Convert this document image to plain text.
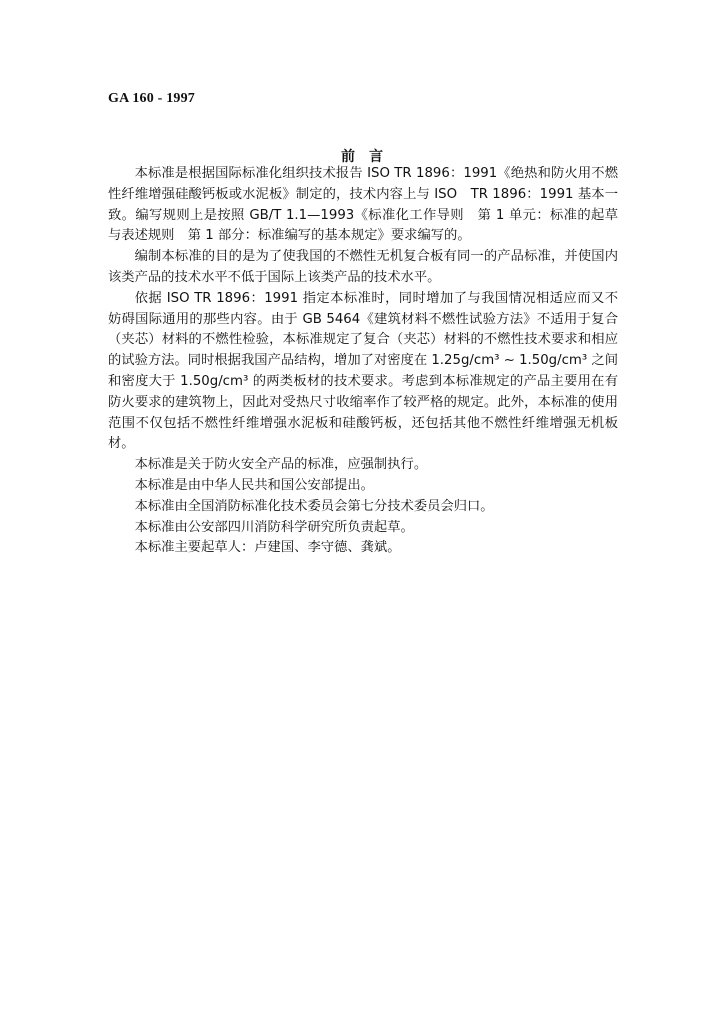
GA 160 - 1997
前　言

本标准是根据国际标准化组织技术报告 ISO TR 1896：1991《绝热和防火用不燃性纤维增强硅酸钙板或水泥板》制定的，技术内容上与 ISO　TR 1896：1991 基本一致。编写规则上是按照 GB/T 1.1—1993《标准化工作导则　第 1 单元：标准的起草与表述规则　第 1 部分：标准编写的基本规定》要求编写的。

编制本标准的目的是为了使我国的不燃性无机复合板有同一的产品标准，并使国内该类产品的技术水平不低于国际上该类产品的技术水平。

依据 ISO TR 1896：1991 指定本标准时，同时增加了与我国情况相适应而又不妨碍国际通用的那些内容。由于 GB 5464《建筑材料不燃性试验方法》不适用于复合（夹芯）材料的不燃性检验，本标准规定了复合（夹芯）材料的不燃性技术要求和相应的试验方法。同时根据我国产品结构，增加了对密度在 1.25g/cm³ ~ 1.50g/cm³ 之间和密度大于 1.50g/cm³ 的两类板材的技术要求。考虑到本标准规定的产品主要用在有防火要求的建筑物上，因此对受热尺寸收缩率作了较严格的规定。此外，本标准的使用范围不仅包括不燃性纤维增强水泥板和硅酸钙板，还包括其他不燃性纤维增强无机板材。

本标准是关于防火安全产品的标准，应强制执行。

本标准是由中华人民共和国公安部提出。

本标准由全国消防标准化技术委员会第七分技术委员会归口。

本标准由公安部四川消防科学研究所负责起草。

本标准主要起草人：卢建国、李守德、龚斌。
